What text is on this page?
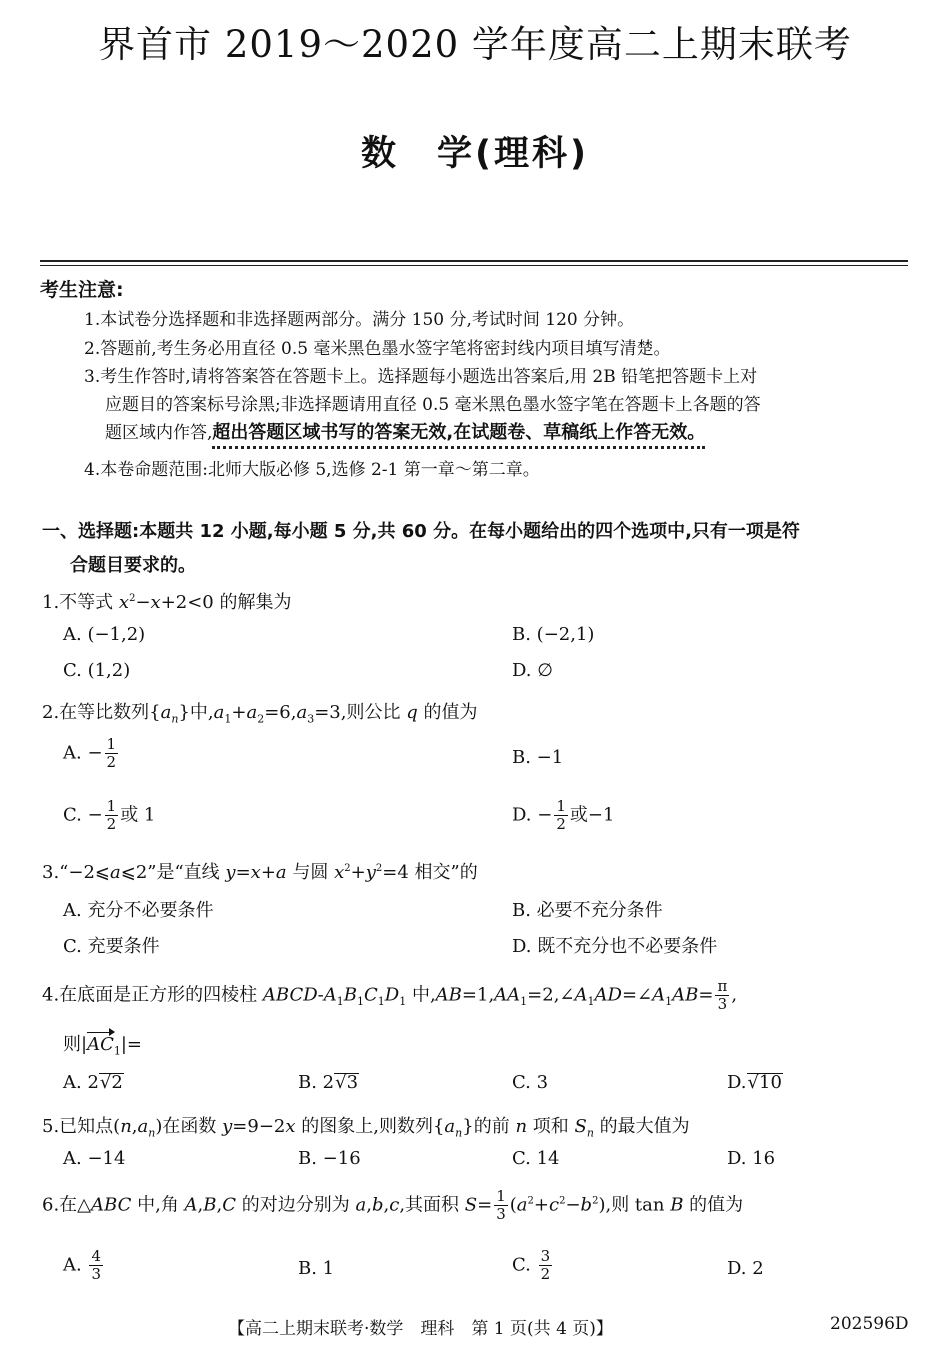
界首市 2019～2020 学年度高二上期末联考
数　学(理科)
考生注意:
1.本试卷分选择题和非选择题两部分。满分 150 分,考试时间 120 分钟。
2.答题前,考生务必用直径 0.5 毫米黑色墨水签字笔将密封线内项目填写清楚。
3.考生作答时,请将答案答在答题卡上。选择题每小题选出答案后,用 2B 铅笔把答题卡上对
应题目的答案标号涂黑;非选择题请用直径 0.5 毫米黑色墨水签字笔在答题卡上各题的答
题区域内作答,超出答题区域书写的答案无效,在试题卷、草稿纸上作答无效。
4.本卷命题范围:北师大版必修 5,选修 2-1 第一章～第二章。
一、选择题:本题共 12 小题,每小题 5 分,共 60 分。在每小题给出的四个选项中,只有一项是符
合题目要求的。
1.不等式 $x^2-x+2<0$ 的解集为
A. (−1,2)	B. (−2,1)
C. (1,2)	D. ∅
2.在等比数列$\{a_n\}$中$,a_1+a_2=6,a_3=3$,则公比 q 的值为
A. − $\frac{1}{2}$	B. −1
C. − $\frac{1}{2}$ 或 1	D. − $\frac{1}{2}$ 或−1
3.“−2⩽a⩽2”是“直线 y=x+a 与圆 $x^2+y^2=4$ 相交”的
A. 充分不必要条件	B. 必要不充分条件
C. 充要条件	D. 既不充分也不必要条件
4.在底面是正方形的四棱柱 ABCD-$A_1B_1C_1D_1$ 中$,AB=1,AA_1=2,\angle A_1AD=\angle A_1AB= \frac{\pi}{3}$ ,
则$|AC_1|=$
A. 2√2	B. 2√3	C. 3	D.√10
5.已知点$(n,a_n)$在函数 y=9−2x 的图象上,则数列$\{a_n\}$的前 n 项和 $S_n$ 的最大值为
A. −14	B. −16	C. 14	D. 16
6.在△ABC 中,角 A,B,C 的对边分别为 a,b,c,其面积 $S= \frac{1}{3} (a^2+c^2-b^2)$,则 tan B 的值为
A. $\frac{4}{3}$	B. 1	C. $\frac{3}{2}$	D. 2
【高二上期末联考·数学　理科　第 1 页(共 4 页)】	202596D
